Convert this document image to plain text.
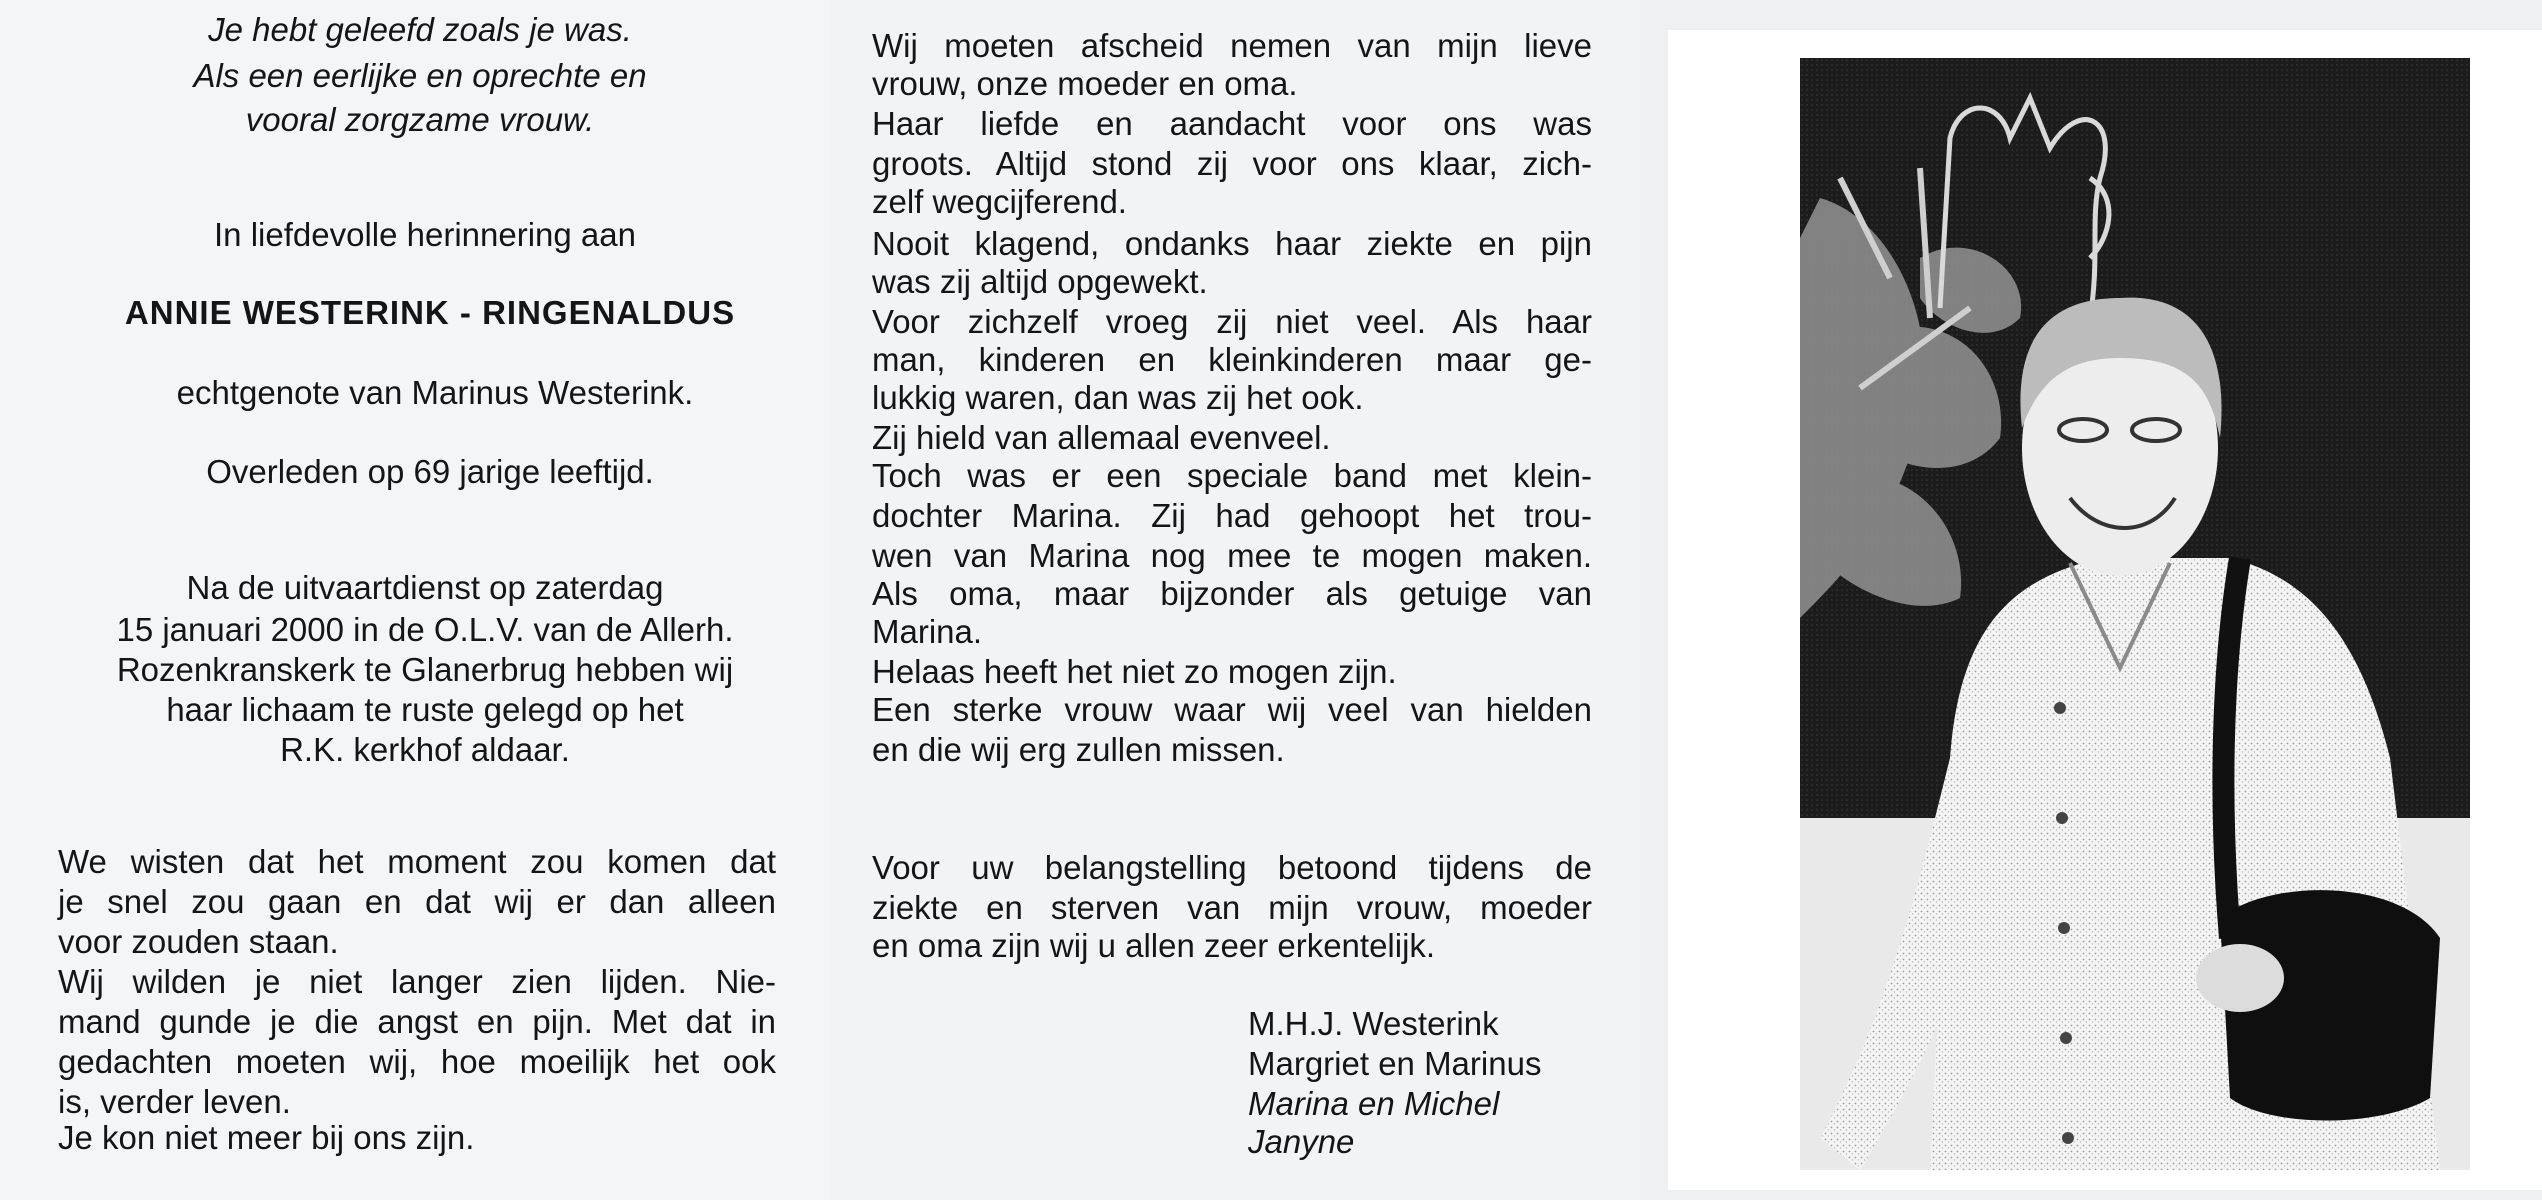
Je hebt geleefd zoals je was.
Als een eerlijke en oprechte en
vooral zorgzame vrouw.
In liefdevolle herinnering aan
ANNIE WESTERINK - RINGENALDUS
echtgenote van Marinus Westerink.
Overleden op 69 jarige leeftijd.
Na de uitvaartdienst op zaterdag
15 januari 2000 in de O.L.V. van de Allerh.
Rozenkranskerk te Glanerbrug hebben wij
haar lichaam te ruste gelegd op het
R.K. kerkhof aldaar.
We wisten dat het moment zou komen dat
je snel zou gaan en dat wij er dan alleen
voor zouden staan.
Wij wilden je niet langer zien lijden. Nie-
mand gunde je die angst en pijn. Met dat in
gedachten moeten wij, hoe moeilijk het ook
is, verder leven.
Je kon niet meer bij ons zijn.
Wij moeten afscheid nemen van mijn lieve
vrouw, onze moeder en oma.
Haar liefde en aandacht voor ons was
groots. Altijd stond zij voor ons klaar, zich-
zelf wegcijferend.
Nooit klagend, ondanks haar ziekte en pijn
was zij altijd opgewekt.
Voor zichzelf vroeg zij niet veel. Als haar
man, kinderen en kleinkinderen maar ge-
lukkig waren, dan was zij het ook.
Zij hield van allemaal evenveel.
Toch was er een speciale band met klein-
dochter Marina. Zij had gehoopt het trou-
wen van Marina nog mee te mogen maken.
Als oma, maar bijzonder als getuige van
Marina.
Helaas heeft het niet zo mogen zijn.
Een sterke vrouw waar wij veel van hielden
en die wij erg zullen missen.
Voor uw belangstelling betoond tijdens de
ziekte en sterven van mijn vrouw, moeder
en oma zijn wij u allen zeer erkentelijk.
M.H.J. Westerink
Margriet en Marinus
Marina en Michel
Janyne
